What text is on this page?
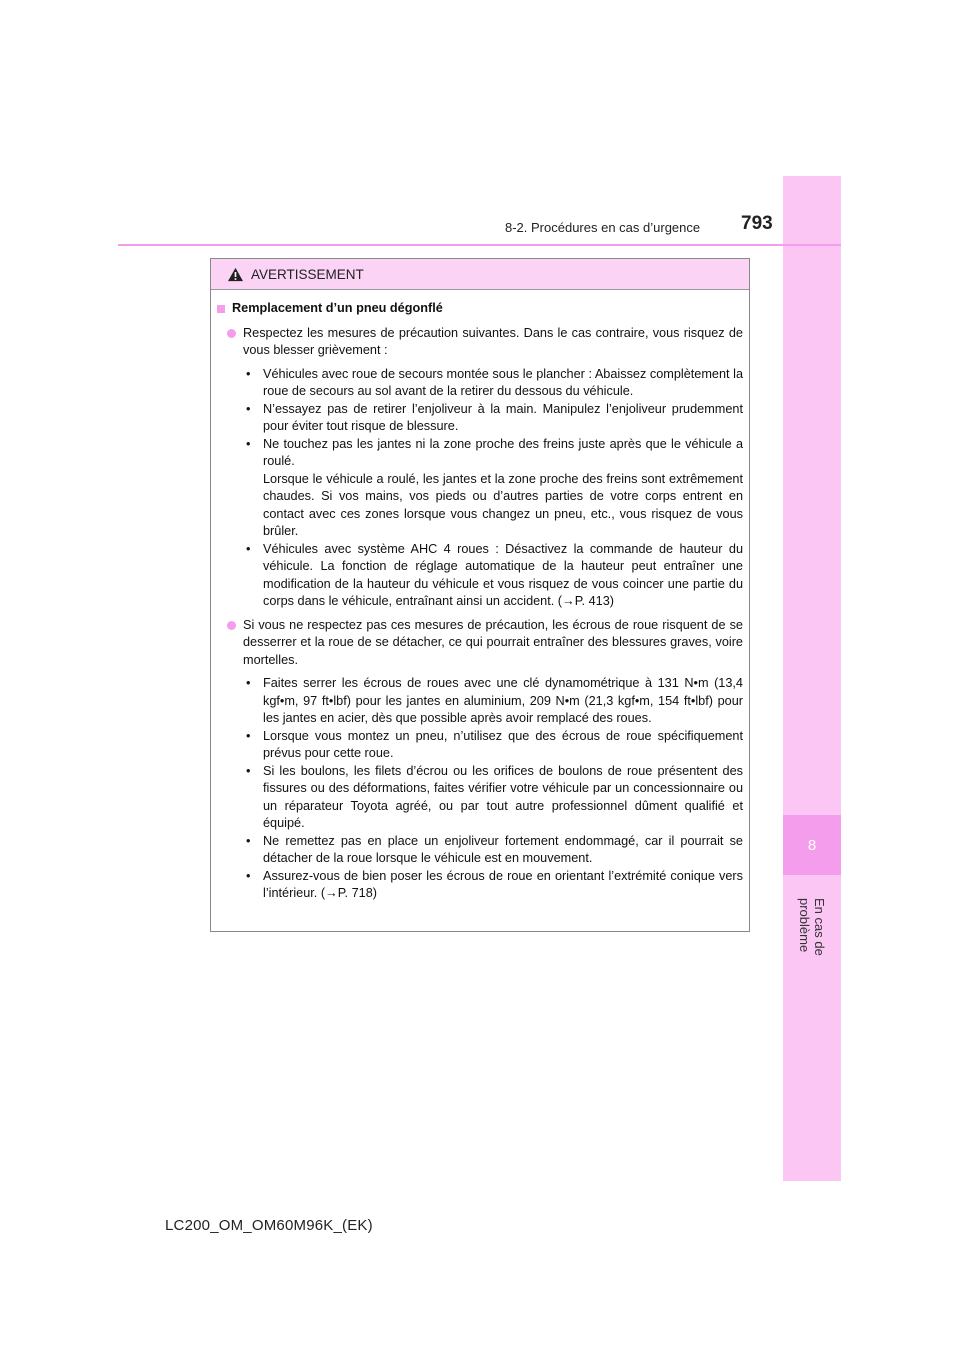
8
En cas de problème
8-2. Procédures en cas d’urgence 793
AVERTISSEMENT
Remplacement d’un pneu dégonflé
Respectez les mesures de précaution suivantes. Dans le cas contraire, vous risquez de vous blesser grièvement :
• Véhicules avec roue de secours montée sous le plancher : Abaissez complètement la roue de secours au sol avant de la retirer du dessous du véhicule.

• N’essayez pas de retirer l’enjoliveur à la main. Manipulez l’enjoliveur prudemment pour éviter tout risque de blessure.

• Ne touchez pas les jantes ni la zone proche des freins juste après que le véhicule a roulé.

Lorsque le véhicule a roulé, les jantes et la zone proche des freins sont extrêmement chaudes. Si vos mains, vos pieds ou d’autres parties de votre corps entrent en contact avec ces zones lorsque vous changez un pneu, etc., vous risquez de vous brûler.

• Véhicules avec système AHC 4 roues : Désactivez la commande de hauteur du véhicule. La fonction de réglage automatique de la hauteur peut entraîner une modification de la hauteur du véhicule et vous risquez de vous coincer une partie du corps dans le véhicule, entraînant ainsi un accident. (→P. 413)

Si vous ne respectez pas ces mesures de précaution, les écrous de roue risquent de se desserrer et la roue de se détacher, ce qui pourrait entraîner des blessures graves, voire mortelles.
• Faites serrer les écrous de roues avec une clé dynamométrique à 131 N•m (13,4 kgf•m, 97 ft•lbf) pour les jantes en aluminium, 209 N•m (21,3 kgf•m, 154 ft•lbf) pour les jantes en acier, dès que possible après avoir remplacé des roues.

• Lorsque vous montez un pneu, n’utilisez que des écrous de roue spécifiquement prévus pour cette roue.

• Si les boulons, les filets d’écrou ou les orifices de boulons de roue présentent des fissures ou des déformations, faites vérifier votre véhicule par un concessionnaire ou un réparateur Toyota agréé, ou par tout autre professionnel dûment qualifié et équipé.

• Ne remettez pas en place un enjoliveur fortement endommagé, car il pourrait se détacher de la roue lorsque le véhicule est en mouvement.

• Assurez-vous de bien poser les écrous de roue en orientant l’extrémité conique vers l’intérieur. (→P. 718)

LC200_OM_OM60M96K_(EK)
